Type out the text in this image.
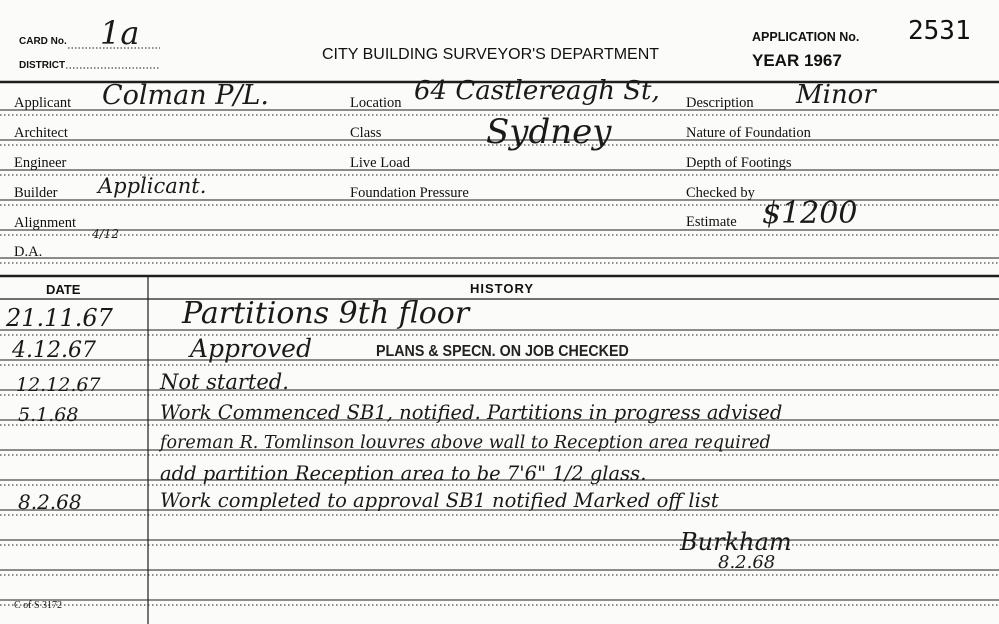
CARD No. 1a
DISTRICT
CITY BUILDING SURVEYOR'S DEPARTMENT
APPLICATION No. 2531
YEAR 1967
Applicant Colman P/L.
Architect
Engineer
Builder Applicant.
Alignment
4/12
D.A.
Location 64 Castlereagh St,
Class	Sydney
Live Load
Foundation Pressure
Description Minor
Nature of Foundation
Depth of Footings
Checked by
Estimate $1200
DATE	HISTORY
21.11.67 Partitions 9th floor
4.12.67	Approved	PLANS & SPECN. ON JOB CHECKED
12.12.67	Not started.
5.1.68	Work Commenced SB1, notified. Partitions in progress advised
foreman R. Tomlinson louvres above wall to Reception area required
add partition Reception area to be 7'6" 1/2 glass.
8.2.68	Work completed to approval SB1 notified Marked off list
Burkham
8.2.68
C of S 3172
